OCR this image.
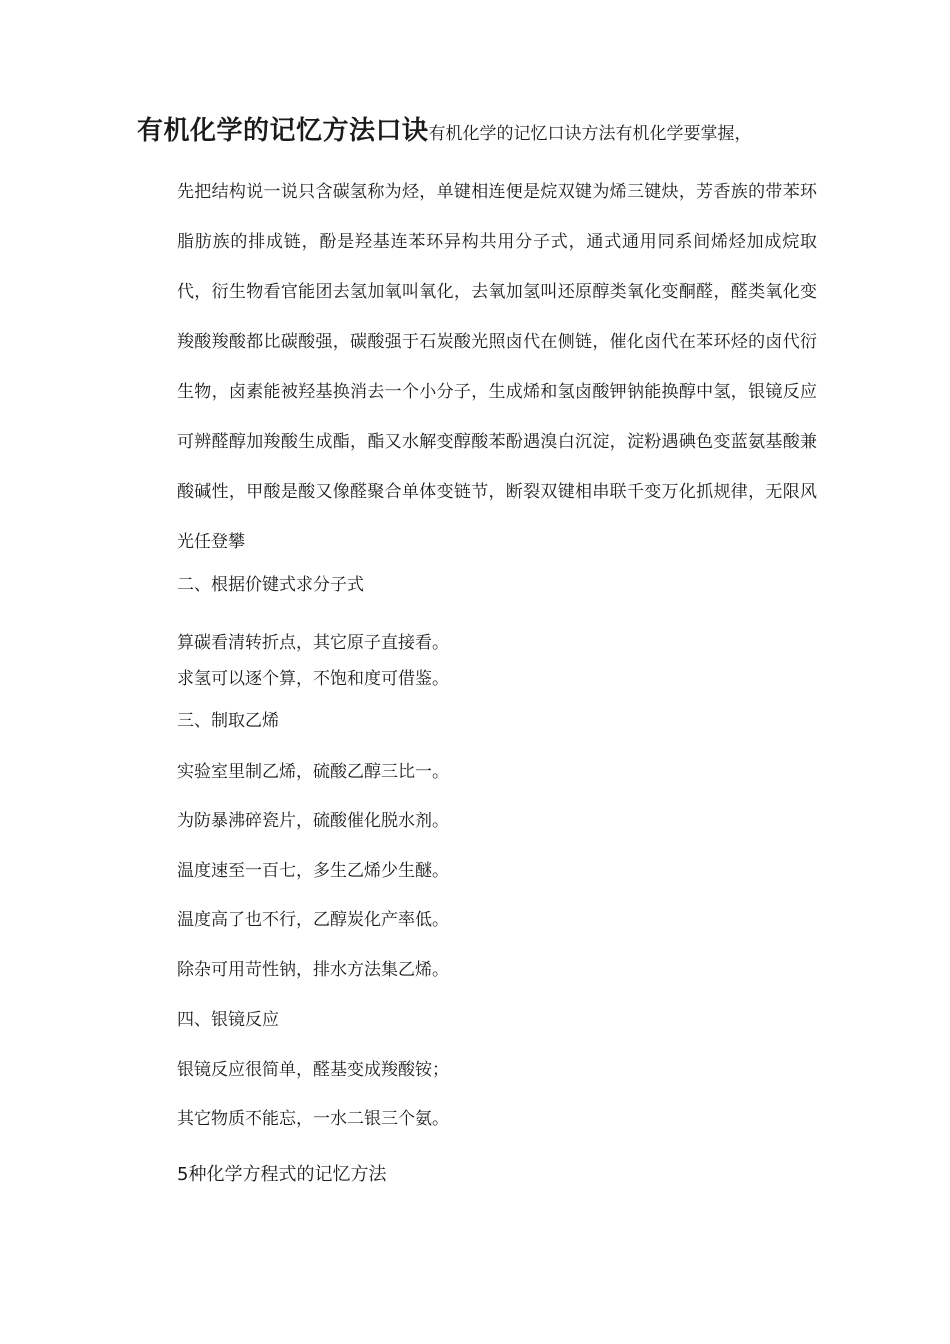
有机化学的记忆方法口诀有机化学的记忆口诀方法有机化学要掌握，
先把结构说一说只含碳氢称为烃，单键相连便是烷双键为烯三键炔，芳香族的带苯环脂肪族的排成链，酚是羟基连苯环异构共用分子式，通式通用同系间烯烃加成烷取代，衍生物看官能团去氢加氧叫氧化，去氧加氢叫还原醇类氧化变酮醛，醛类氧化变羧酸羧酸都比碳酸强，碳酸强于石炭酸光照卤代在侧链，催化卤代在苯环烃的卤代衍生物，卤素能被羟基换消去一个小分子，生成烯和氢卤酸钾钠能换醇中氢，银镜反应可辨醛醇加羧酸生成酯，酯又水解变醇酸苯酚遇溴白沉淀，淀粉遇碘色变蓝氨基酸兼酸碱性，甲酸是酸又像醛聚合单体变链节，断裂双键相串联千变万化抓规律，无限风光任登攀
二、根据价键式求分子式
算碳看清转折点，其它原子直接看。
求氢可以逐个算，不饱和度可借鉴。
三、制取乙烯
实验室里制乙烯，硫酸乙醇三比一。
为防暴沸碎瓷片，硫酸催化脱水剂。
温度速至一百七，多生乙烯少生醚。
温度高了也不行，乙醇炭化产率低。
除杂可用苛性钠，排水方法集乙烯。
四、银镜反应
银镜反应很简单，醛基变成羧酸铵；
其它物质不能忘，一水二银三个氨。
5种化学方程式的记忆方法
